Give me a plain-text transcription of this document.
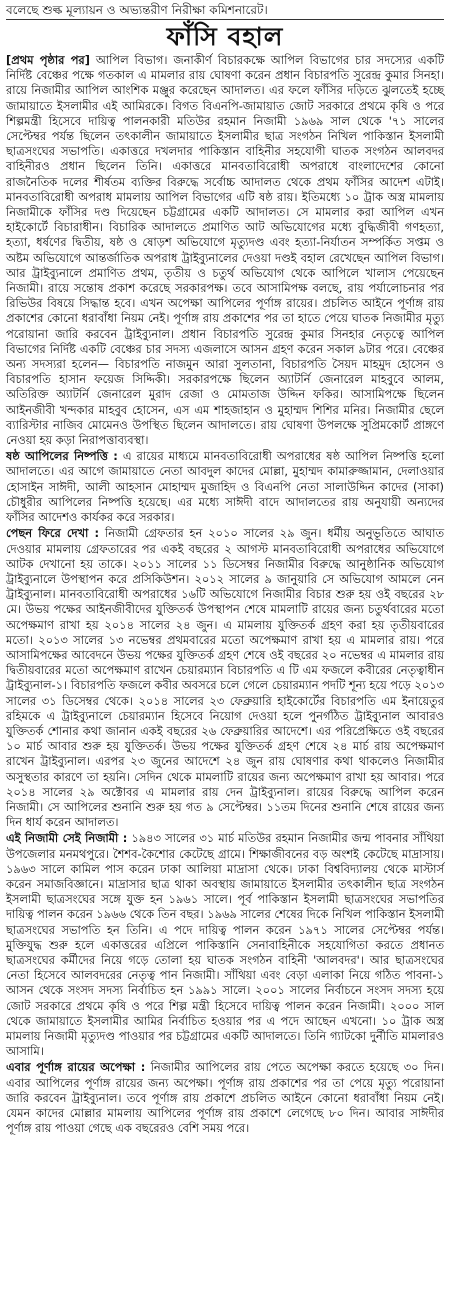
বলেছে শুল্ক মূল্যায়ন ও অভ্যন্তরীণ নিরীক্ষা কমিশনারেট।
ফাঁসি বহাল

[প্রথম পৃষ্ঠার পর] আপিল বিভাগ। জনাকীর্ণ বিচারকক্ষে আপিল বিভাগের চার সদস্যের একটি নির্দিষ্ট বেঞ্চের পক্ষে গতকাল এ মামলার রায় ঘোষণা করেন প্রধান বিচারপতি সুরেন্দ্র কুমার সিনহা। রায়ে নিজামীর আপিল আংশিক মঞ্জুর করেছেন আদালত। এর ফলে ফাঁসির দড়িতে ঝুলতেই হচ্ছে জামায়াতে ইসলামীর এই আমিরকে। বিগত বিএনপি-জামায়াত জোট সরকারে প্রথমে কৃষি ও পরে শিল্পমন্ত্রী হিসেবে দায়িত্ব পালনকারী মতিউর রহমান নিজামী ১৯৬৯ সাল থেকে '৭১ সালের সেপ্টেম্বর পর্যন্ত ছিলেন তৎকালীন জামায়াতে ইসলামীর ছাত্র সংগঠন নিখিল পাকিস্তান ইসলামী ছাত্রসংঘের সভাপতি। একাত্তরে দখলদার পাকিস্তান বাহিনীর সহযোগী ঘাতক সংগঠন আলবদর বাহিনীরও প্রধান ছিলেন তিনি। একাত্তরে মানবতাবিরোধী অপরাধে বাংলাদেশের কোনো রাজনৈতিক দলের শীর্ষতম ব্যক্তির বিরুদ্ধে সর্বোচ্চ আদালত থেকে প্রথম ফাঁসির আদেশ এটাই। মানবতাবিরোধী অপরাধ মামলায় আপিল বিভাগের এটি ষষ্ঠ রায়। ইতিমধ্যে ১০ ট্রাক অস্ত্র মামলায় নিজামীকে ফাঁসির দণ্ড দিয়েছেন চট্টগ্রামের একটি আদালত। সে মামলার করা আপিল এখন হাইকোর্টে বিচারাধীন। বিচারিক আদালতে প্রমাণিত আট অভিযোগের মধ্যে বুদ্ধিজীবী গণহত্যা, হত্যা, ধর্ষণের দ্বিতীয়, ষষ্ঠ ও ষোড়শ অভিযোগে মৃত্যুদণ্ড এবং হত্যা-নির্যাতন সম্পর্কিত সপ্তম ও অষ্টম অভিযোগে আন্তর্জাতিক অপরাধ ট্রাইব্যুনালের দেওয়া দণ্ডই বহাল রেখেছেন আপিল বিভাগ। আর ট্রাইব্যুনালে প্রমাণিত প্রথম, তৃতীয় ও চতুর্থ অভিযোগ থেকে আপিলে খালাস পেয়েছেন নিজামী। রায়ে সন্তোষ প্রকাশ করেছে সরকারপক্ষ। তবে আসামিপক্ষ বলছে, রায় পর্যালোচনার পর রিভিউর বিষয়ে সিদ্ধান্ত হবে। এখন অপেক্ষা আপিলের পূর্ণাঙ্গ রায়ের। প্রচলিত আইনে পূর্ণাঙ্গ রায় প্রকাশের কোনো ধরাবাঁধা নিয়ম নেই। পূর্ণাঙ্গ রায় প্রকাশের পর তা হাতে পেয়ে ঘাতক নিজামীর মৃত্যু পরোয়ানা জারি করবেন ট্রাইব্যুনাল। প্রধান বিচারপতি সুরেন্দ্র কুমার সিনহার নেতৃত্বে আপিল বিভাগের নির্দিষ্ট একটি বেঞ্চের চার সদস্য এজলাসে আসন গ্রহণ করেন সকাল ৯টার পরে। বেঞ্চের অন্য সদস্যরা হলেন— বিচারপতি নাজমুন আরা সুলতানা, বিচারপতি সৈয়দ মাহমুদ হোসেন ও বিচারপতি হাসান ফয়েজ সিদ্দিকী। সরকারপক্ষে ছিলেন অ্যাটর্নি জেনারেল মাহবুবে আলম, অতিরিক্ত অ্যাটর্নি জেনারেল মুরাদ রেজা ও মোমতাজ উদ্দিন ফকির। আসামিপক্ষে ছিলেন আইনজীবী খন্দকার মাহবুব হোসেন, এস এম শাহজাহান ও মুহাম্মদ শিশির মনির। নিজামীর ছেলে ব্যারিস্টার নাজিব মোমেনও উপস্থিত ছিলেন আদালতে। রায় ঘোষণা উপলক্ষে সুপ্রিমকোর্ট প্রাঙ্গণে নেওয়া হয় কড়া নিরাপত্তাব্যবস্থা।

ষষ্ঠ আপিলের নিষ্পত্তি : এ রায়ের মাধ্যমে মানবতাবিরোধী অপরাধের ষষ্ঠ আপিল নিষ্পত্তি হলো আদালতে। এর আগে জামায়াতে নেতা আবদুল কাদের মোল্লা, মুহাম্মদ কামারুজ্জামান, দেলাওয়ার হোসাইন সাঈদী, আলী আহসান মোহাম্মদ মুজাহিদ ও বিএনপি নেতা সালাউদ্দিন কাদের (সাকা) চৌধুরীর আপিলের নিষ্পত্তি হয়েছে। এর মধ্যে সাঈদী বাদে আদালতের রায় অনুযায়ী অন্যদের ফাঁসির আদেশও কার্যকর করে সরকার।

পেছন ফিরে দেখা : নিজামী গ্রেফতার হন ২০১০ সালের ২৯ জুন। ধর্মীয় অনুভূতিতে আঘাত দেওয়ার মামলায় গ্রেফতারের পর একই বছরের ২ আগস্ট মানবতাবিরোধী অপরাধের অভিযোগে আটক দেখানো হয় তাকে। ২০১১ সালের ১১ ডিসেম্বর নিজামীর বিরুদ্ধে আনুষ্ঠানিক অভিযোগ ট্রাইব্যুনালে উপস্থাপন করে প্রসিকিউশন। ২০১২ সালের ৯ জানুয়ারি সে অভিযোগ আমলে নেন ট্রাইব্যুনাল। মানবতাবিরোধী অপরাধের ১৬টি অভিযোগে নিজামীর বিচার শুরু হয় ওই বছরের ২৮ মে। উভয় পক্ষের আইনজীবীদের যুক্তিতর্ক উপস্থাপন শেষে মামলাটি রায়ের জন্য চতুর্থবারের মতো অপেক্ষমাণ রাখা হয় ২০১৪ সালের ২৪ জুন। এ মামলায় যুক্তিতর্ক গ্রহণ করা হয় তৃতীয়বারের মতো। ২০১৩ সালের ১৩ নভেম্বর প্রথমবারের মতো অপেক্ষমাণ রাখা হয় এ মামলার রায়। পরে আসামিপক্ষের আবেদনে উভয় পক্ষের যুক্তিতর্ক গ্রহণ শেষে ওই বছরের ২০ নভেম্বর এ মামলার রায় দ্বিতীয়বারের মতো অপেক্ষমাণ রাখেন চেয়ারম্যান বিচারপতি এ টি এম ফজলে কবীরের নেতৃত্বাধীন ট্রাইব্যুনাল-১। বিচারপতি ফজলে কবীর অবসরে চলে গেলে চেয়ারম্যান পদটি শূন্য হয়ে পড়ে ২০১৩ সালের ৩১ ডিসেম্বর থেকে। ২০১৪ সালের ২৩ ফেব্রুয়ারি হাইকোর্টের বিচারপতি এম ইনায়েতুর রহিমকে এ ট্রাইব্যুনালে চেয়ারম্যান হিসেবে নিয়োগ দেওয়া হলে পুনর্গঠিত ট্রাইব্যুনাল আবারও যুক্তিতর্ক শোনার কথা জানান একই বছরের ২৬ ফেব্রুয়ারির আদেশে। এর পরিপ্রেক্ষিতে ওই বছরের ১০ মার্চ আবার শুরু হয় যুক্তিতর্ক। উভয় পক্ষের যুক্তিতর্ক গ্রহণ শেষে ২৪ মার্চ রায় অপেক্ষমাণ রাখেন ট্রাইব্যুনাল। এরপর ২৩ জুনের আদেশে ২৪ জুন রায় ঘোষণার কথা থাকলেও নিজামীর অসুস্থতার কারণে তা হয়নি। সেদিন থেকে মামলাটি রায়ের জন্য অপেক্ষমাণ রাখা হয় আবার। পরে ২০১৪ সালের ২৯ অক্টোবর এ মামলার রায় দেন ট্রাইব্যুনাল। রায়ের বিরুদ্ধে আপিল করেন নিজামী। সে আপিলের শুনানি শুরু হয় গত ৯ সেপ্টেম্বর। ১১তম দিনের শুনানি শেষে রায়ের জন্য দিন ধার্য করেন আদালত।

এই নিজামী সেই নিজামী : ১৯৪৩ সালের ৩১ মার্চ মতিউর রহমান নিজামীর জন্ম পাবনার সাঁথিয়া উপজেলার মনমথপুরে। শৈশব-কৈশোর কেটেছে গ্রামে। শিক্ষাজীবনের বড় অংশই কেটেছে মাদ্রাসায়। ১৯৬৩ সালে কামিল পাস করেন ঢাকা আলিয়া মাদ্রাসা থেকে। ঢাকা বিশ্ববিদ্যালয় থেকে মাস্টার্স করেন সমাজবিজ্ঞানে। মাদ্রাসার ছাত্র থাকা অবস্থায় জামায়াতে ইসলামীর তৎকালীন ছাত্র সংগঠন ইসলামী ছাত্রসংঘের সঙ্গে যুক্ত হন ১৯৬১ সালে। পূর্ব পাকিস্তান ইসলামী ছাত্রসংঘের সভাপতির দায়িত্ব পালন করেন ১৯৬৬ থেকে তিন বছর। ১৯৬৯ সালের শেষের দিকে নিখিল পাকিস্তান ইসলামী ছাত্রসংঘের সভাপতি হন তিনি। এ পদে দায়িত্ব পালন করেন ১৯৭১ সালের সেপ্টেম্বর পর্যন্ত। মুক্তিযুদ্ধ শুরু হলে একাত্তরের এপ্রিলে পাকিস্তানি সেনাবাহিনীকে সহযোগিতা করতে প্রধানত ছাত্রসংঘের কর্মীদের নিয়ে গড়ে তোলা হয় ঘাতক সংগঠন বাহিনী 'আলবদর'। আর ছাত্রসংঘের নেতা হিসেবে আলবদরের নেতৃত্ব পান নিজামী। সাঁথিয়া এবং বেড়া এলাকা নিয়ে গঠিত পাবনা-১ আসন থেকে সংসদ সদস্য নির্বাচিত হন ১৯৯১ সালে। ২০০১ সালের নির্বাচনে সংসদ সদস্য হয়ে জোট সরকারে প্রথমে কৃষি ও পরে শিল্প মন্ত্রী হিসেবে দায়িত্ব পালন করেন নিজামী। ২০০০ সাল থেকে জামায়াতে ইসলামীর আমির নির্বাচিত হওয়ার পর এ পদে আছেন এখনো। ১০ ট্রাক অস্ত্র মামলায় নিজামী মৃত্যুদণ্ড পাওয়ার পর চট্টগ্রামের একটি আদালতে। তিনি গ্যাটকো দুর্নীতি মামলারও আসামি।

এবার পূর্ণাঙ্গ রায়ের অপেক্ষা : নিজামীর আপিলের রায় পেতে অপেক্ষা করতে হয়েছে ৩০ দিন। এবার আপিলের পূর্ণাঙ্গ রায়ের জন্য অপেক্ষা। পূর্ণাঙ্গ রায় প্রকাশের পর তা পেয়ে মৃত্যু পরোয়ানা জারি করবেন ট্রাইব্যুনাল। তবে পূর্ণাঙ্গ রায় প্রকাশে প্রচলিত আইনে কোনো ধরাবাঁধা নিয়ম নেই। যেমন কাদের মোল্লার মামলায় আপিলের পূর্ণাঙ্গ রায় প্রকাশে লেগেছে ৮০ দিন। আবার সাঈদীর পূর্ণাঙ্গ রায় পাওয়া গেছে এক বছরেরও বেশি সময় পরে।
